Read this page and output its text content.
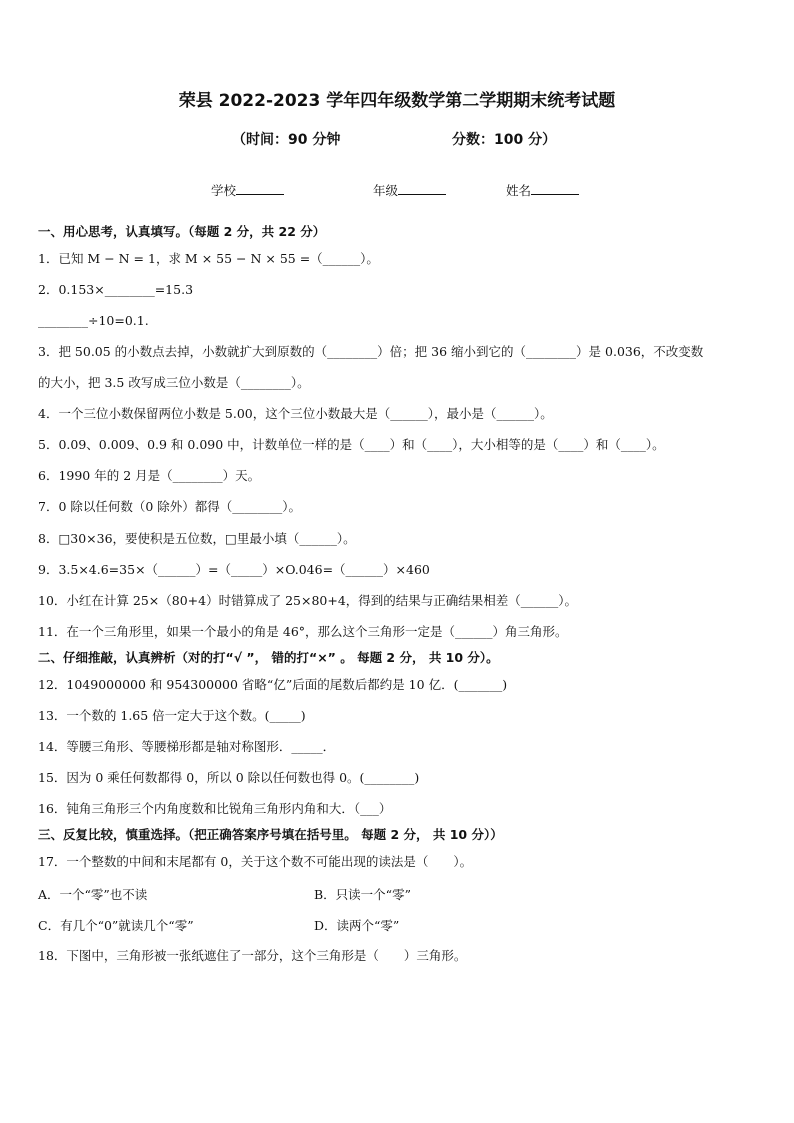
荣县 2022-2023 学年四年级数学第二学期期末统考试题
（时间：90 分钟	分数：100 分）
学校	年级	姓名
一、用心思考，认真填写。（每题 2 分，共 22 分）
1．已知 M − N = 1，求 M × 55 − N × 55 =（______）。
2．0.153×________=15.3
________÷10=0.1.
3．把 50.05 的小数点去掉，小数就扩大到原数的（________）倍；把 36 缩小到它的（________）是 0.036，不改变数
的大小，把 3.5 改写成三位小数是（________）。
4．一个三位小数保留两位小数是 5.00，这个三位小数最大是（______），最小是（______）。
5．0.09、0.009、0.9 和 0.090 中，计数单位一样的是（____）和（____），大小相等的是（____）和（____）。
6．1990 年的 2 月是（________）天。
7．0 除以任何数（0 除外）都得（________）。
8．□30×36，要使积是五位数，□里最小填（______）。
9．3.5×4.6=35×（______）=（_____）×O.046=（______）×460
10．小红在计算 25×（80+4）时错算成了 25×80+4，得到的结果与正确结果相差（______）。
11．在一个三角形里，如果一个最小的角是 46°，那么这个三角形一定是（______）角三角形。
二、仔细推敲，认真辨析（对的打“√ ”， 错的打“×” 。 每题 2 分， 共 10 分）。
12．1049000000 和 954300000 省略“亿”后面的尾数后都约是 10 亿．(_______)
13．一个数的 1.65 倍一定大于这个数。(_____)
14．等腰三角形、等腰梯形都是轴对称图形．_____．
15．因为 0 乘任何数都得 0，所以 0 除以任何数也得 0。(________)
16．钝角三角形三个内角度数和比锐角三角形内角和大．（___）
三、反复比较，慎重选择。（把正确答案序号填在括号里。 每题 2 分， 共 10 分））
17．一个整数的中间和末尾都有 0，关于这个数不可能出现的读法是（　　）。
A．一个“零”也不读	B．只读一个“零”
C．有几个“0”就读几个“零”	D．读两个“零”
18．下图中，三角形被一张纸遮住了一部分，这个三角形是（　　）三角形。
